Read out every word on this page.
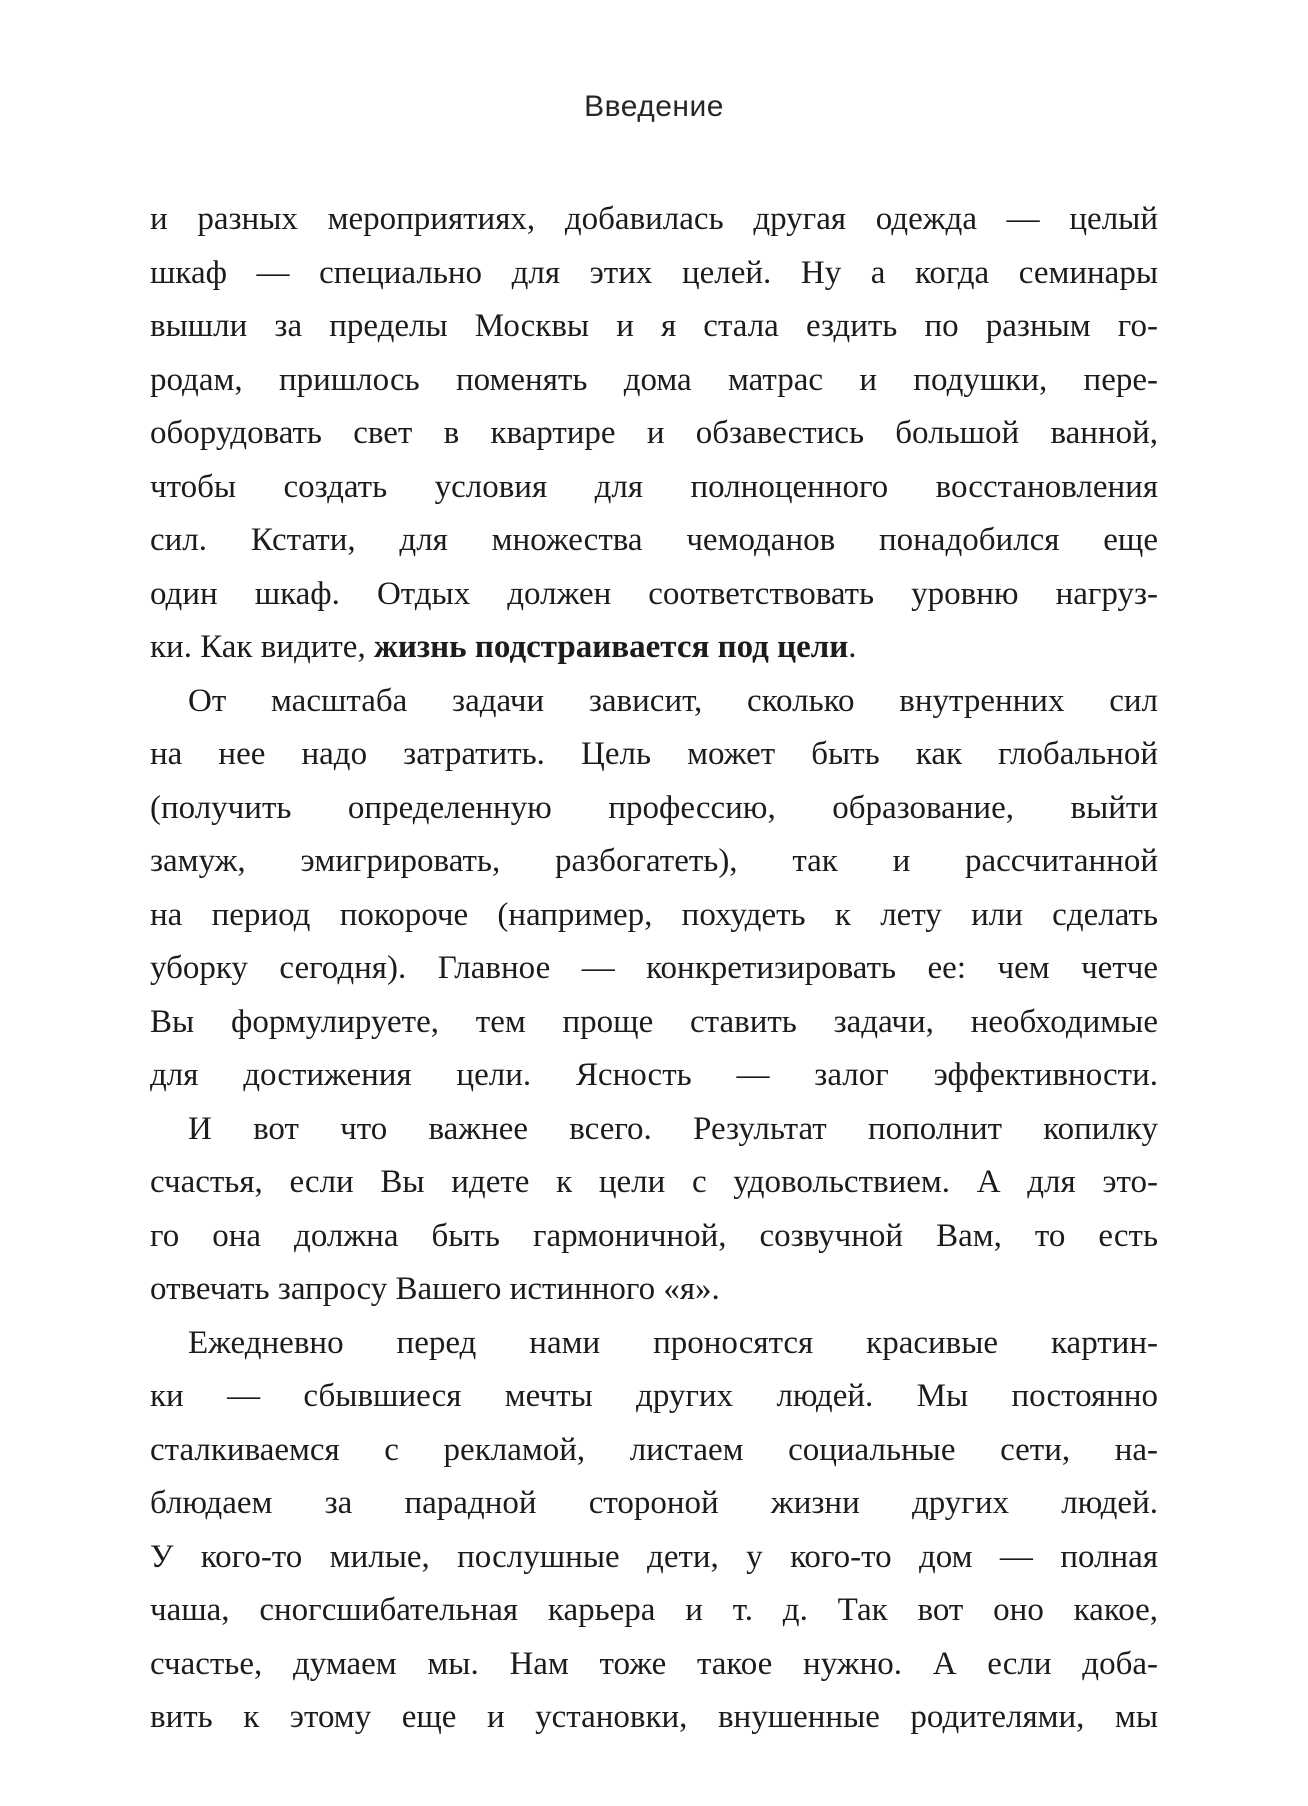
Введение
и разных мероприятиях, добавилась другая одежда — целый
шкаф — специально для этих целей. Ну а когда семинары
вышли за пределы Москвы и я стала ездить по разным го-
родам, пришлось поменять дома матрас и подушки, пере-
оборудовать свет в квартире и обзавестись большой ванной,
чтобы создать условия для полноценного восстановления
сил. Кстати, для множества чемоданов понадобился еще
один шкаф. Отдых должен соответствовать уровню нагруз-
ки. Как видите, жизнь подстраивается под цели.
От масштаба задачи зависит, сколько внутренних сил
на нее надо затратить. Цель может быть как глобальной
(получить определенную профессию, образование, выйти
замуж, эмигрировать, разбогатеть), так и рассчитанной
на период покороче (например, похудеть к лету или сделать
уборку сегодня). Главное — конкретизировать ее: чем четче
Вы формулируете, тем проще ставить задачи, необходимые
для достижения цели. Ясность — залог эффективности.
И вот что важнее всего. Результат пополнит копилку
счастья, если Вы идете к цели с удовольствием. А для это-
го она должна быть гармоничной, созвучной Вам, то есть
отвечать запросу Вашего истинного «я».
Ежедневно перед нами проносятся красивые картин-
ки — сбывшиеся мечты других людей. Мы постоянно
сталкиваемся с рекламой, листаем социальные сети, на-
блюдаем за парадной стороной жизни других людей.
У кого-то милые, послушные дети, у кого-то дом — полная
чаша, сногсшибательная карьера и т. д. Так вот оно какое,
счастье, думаем мы. Нам тоже такое нужно. А если доба-
вить к этому еще и установки, внушенные родителями, мы
